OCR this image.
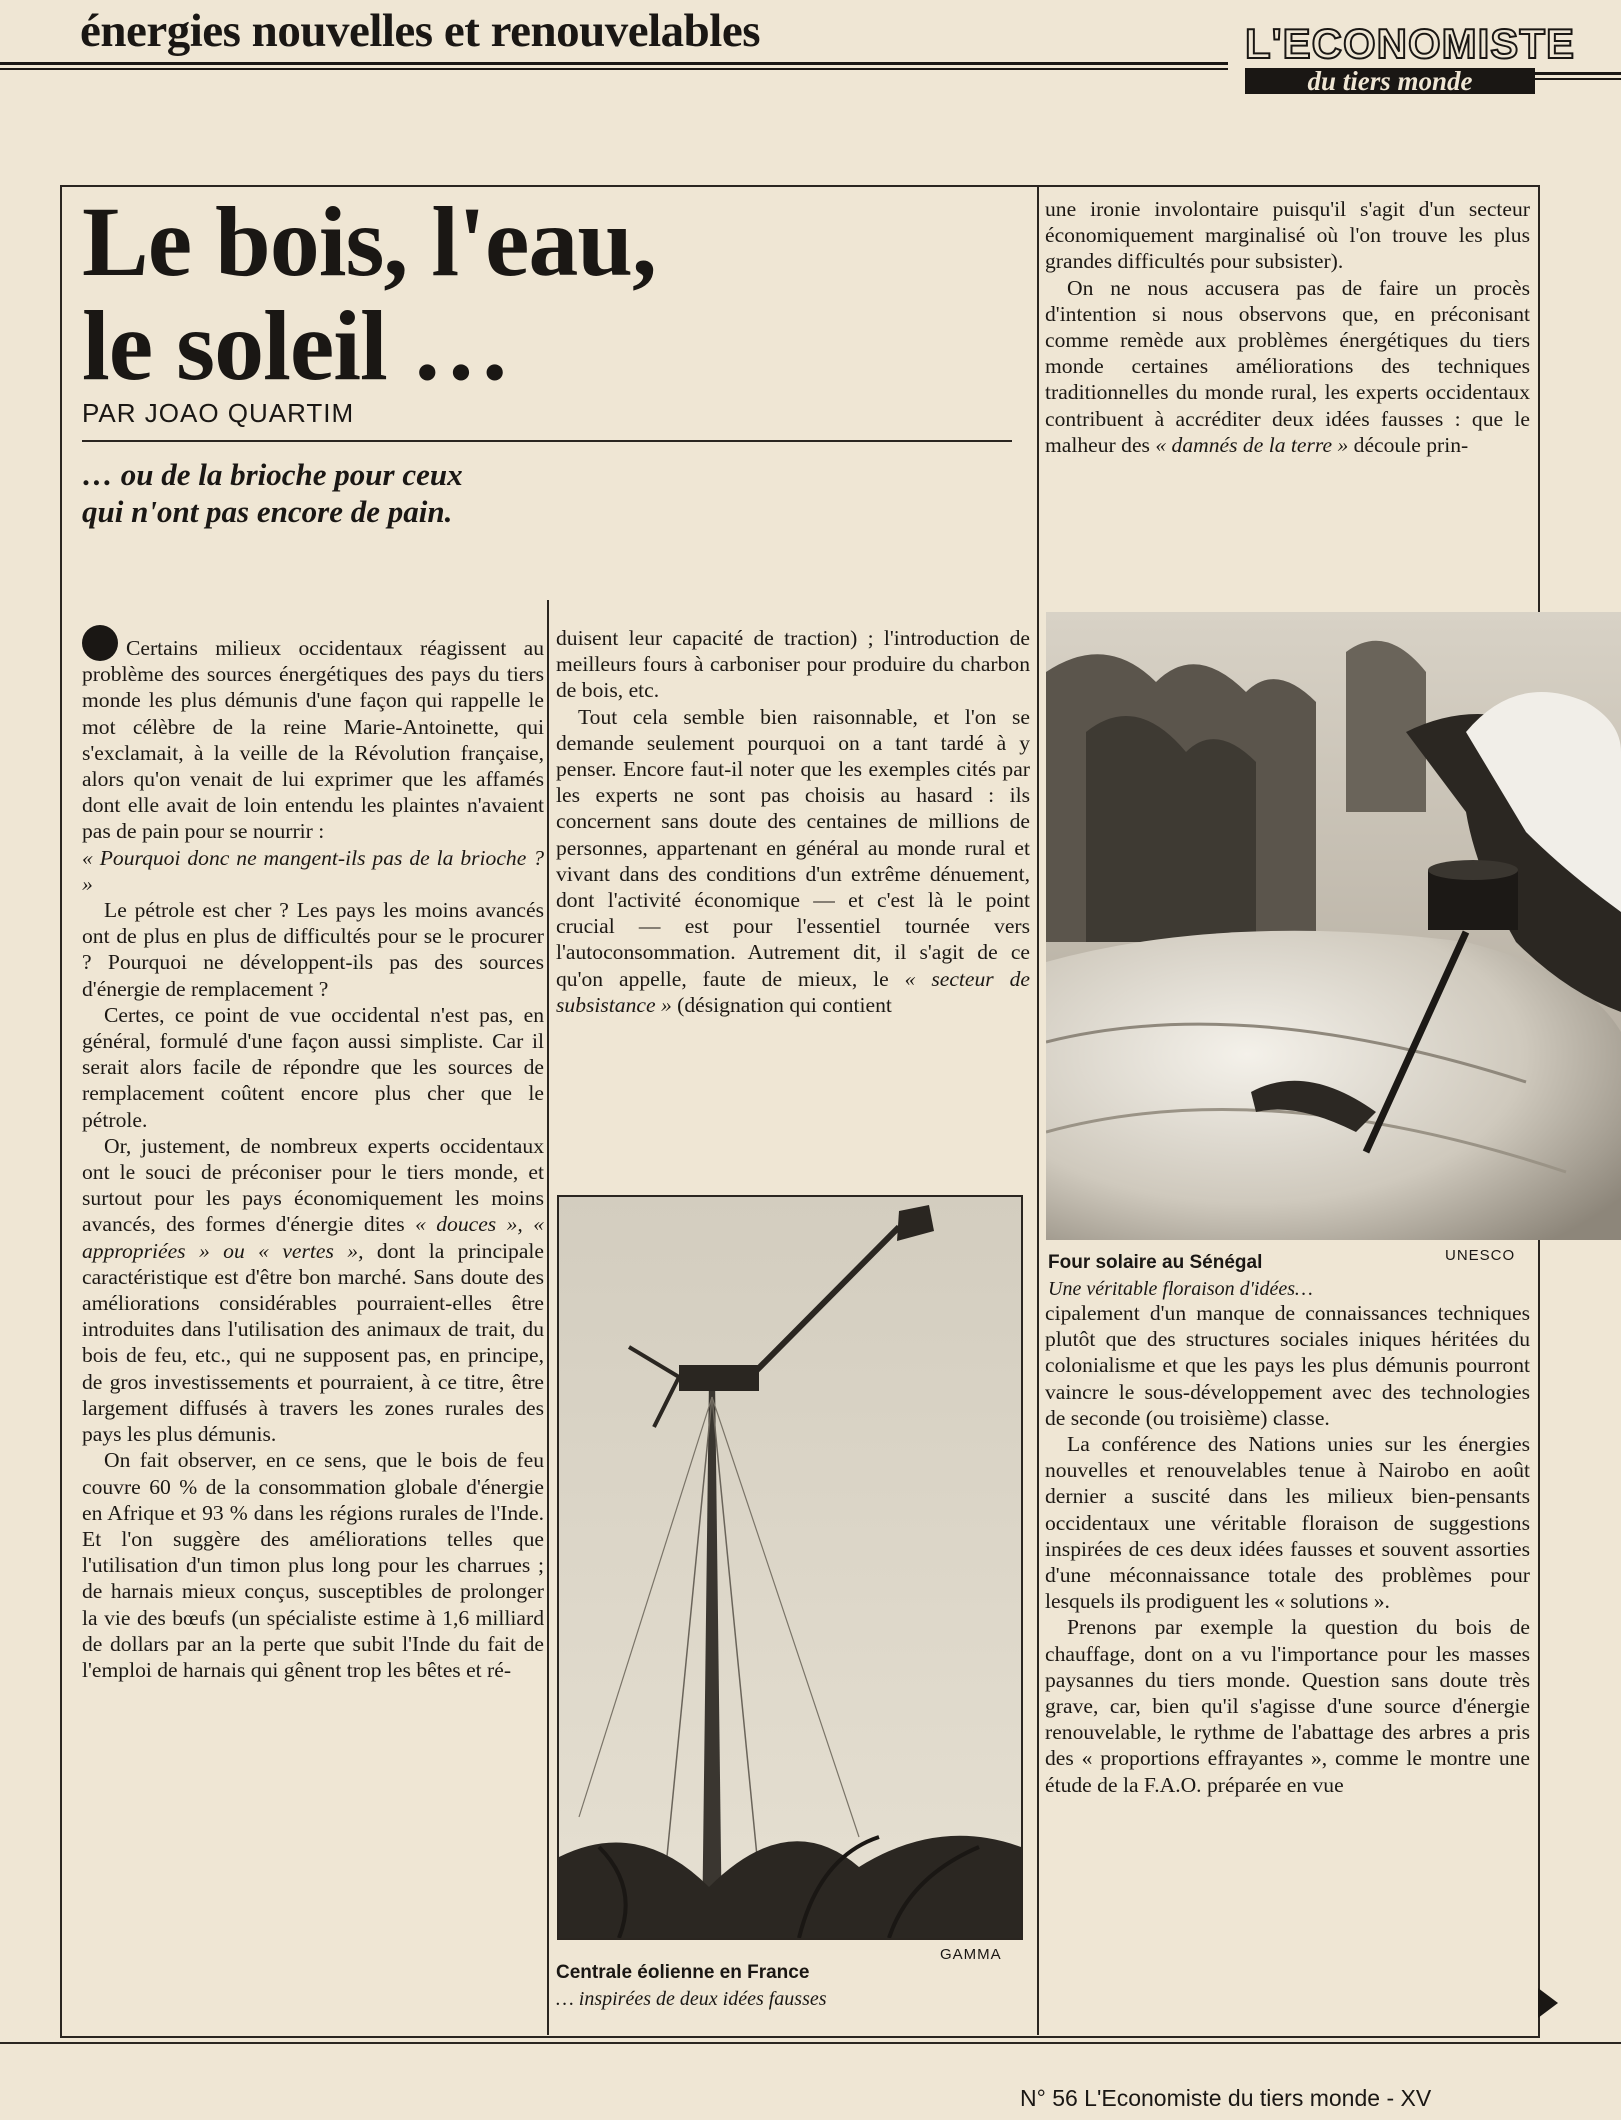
énergies nouvelles et renouvelables	L'ECONOMISTE
du tiers monde
Le bois, l'eau, le soleil …
PAR JOAO QUARTIM
… ou de la brioche pour ceux qui n'ont pas encore de pain.

Certains milieux occidentaux réagissent au problème des sources énergétiques des pays du tiers monde les plus démunis d'une façon qui rappelle le mot célèbre de la reine Marie-Antoinette, qui s'exclamait, à la veille de la Révolution française, alors qu'on venait de lui exprimer que les affamés dont elle avait de loin entendu les plaintes n'avaient pas de pain pour se nourrir :
« Pourquoi donc ne mangent-ils pas de la brioche ? »

Le pétrole est cher ? Les pays les moins avancés ont de plus en plus de difficultés pour se le procurer ? Pourquoi ne développent-ils pas des sources d'énergie de remplacement ?

Certes, ce point de vue occidental n'est pas, en général, formulé d'une façon aussi simpliste. Car il serait alors facile de répondre que les sources de remplacement coûtent encore plus cher que le pétrole.

Or, justement, de nombreux experts occidentaux ont le souci de préconiser pour le tiers monde, et surtout pour les pays économiquement les moins avancés, des formes d'énergie dites « douces », « appropriées » ou « vertes », dont la principale caractéristique est d'être bon marché. Sans doute des améliorations considérables pourraient-elles être introduites dans l'utilisation des animaux de trait, du bois de feu, etc., qui ne supposent pas, en principe, de gros investissements et pourraient, à ce titre, être largement diffusés à travers les zones rurales des pays les plus démunis.

On fait observer, en ce sens, que le bois de feu couvre 60 % de la consommation globale d'énergie en Afrique et 93 % dans les régions rurales de l'Inde. Et l'on suggère des améliorations telles que l'utilisation d'un timon plus long pour les charrues ; de harnais mieux conçus, susceptibles de prolonger la vie des bœufs (un spécialiste estime à 1,6 milliard de dollars par an la perte que subit l'Inde du fait de l'emploi de harnais qui gênent trop les bêtes et ré-

duisent leur capacité de traction) ; l'introduction de meilleurs fours à carboniser pour produire du charbon de bois, etc.

Tout cela semble bien raisonnable, et l'on se demande seulement pourquoi on a tant tardé à y penser. Encore faut-il noter que les exemples cités par les experts ne sont pas choisis au hasard : ils concernent sans doute des centaines de millions de personnes, appartenant en général au monde rural et vivant dans des conditions d'un extrême dénuement, dont l'activité économique — et c'est là le point crucial — est pour l'essentiel tournée vers l'autoconsommation. Autrement dit, il s'agit de ce qu'on appelle, faute de mieux, le « secteur de subsistance » (désignation qui contient

une ironie involontaire puisqu'il s'agit d'un secteur économiquement marginalisé où l'on trouve les plus grandes difficultés pour subsister).

On ne nous accusera pas de faire un procès d'intention si nous observons que, en préconisant comme remède aux problèmes énergétiques du tiers monde certaines améliorations des techniques traditionnelles du monde rural, les experts occidentaux contribuent à accréditer deux idées fausses : que le malheur des « damnés de la terre » découle prin-

Four solaire au Sénégal
Une véritable floraison d'idées…
UNESCO

cipalement d'un manque de connaissances techniques plutôt que des structures sociales iniques héritées du colonialisme et que les pays les plus démunis pourront vaincre le sous-développement avec des technologies de seconde (ou troisième) classe.

La conférence des Nations unies sur les énergies nouvelles et renouvelables tenue à Nairobo en août dernier a suscité dans les milieux bien-pensants occidentaux une véritable floraison de suggestions inspirées de ces deux idées fausses et souvent assorties d'une méconnaissance totale des problèmes pour lesquels ils prodiguent les « solutions ».

Prenons par exemple la question du bois de chauffage, dont on a vu l'importance pour les masses paysannes du tiers monde. Question sans doute très grave, car, bien qu'il s'agisse d'une source d'énergie renouvelable, le rythme de l'abattage des arbres a pris des « proportions effrayantes », comme le montre une étude de la F.A.O. préparée en vue

GAMMA
Centrale éolienne en France
… inspirées de deux idées fausses
N° 56 L'Economiste du tiers monde - XV
